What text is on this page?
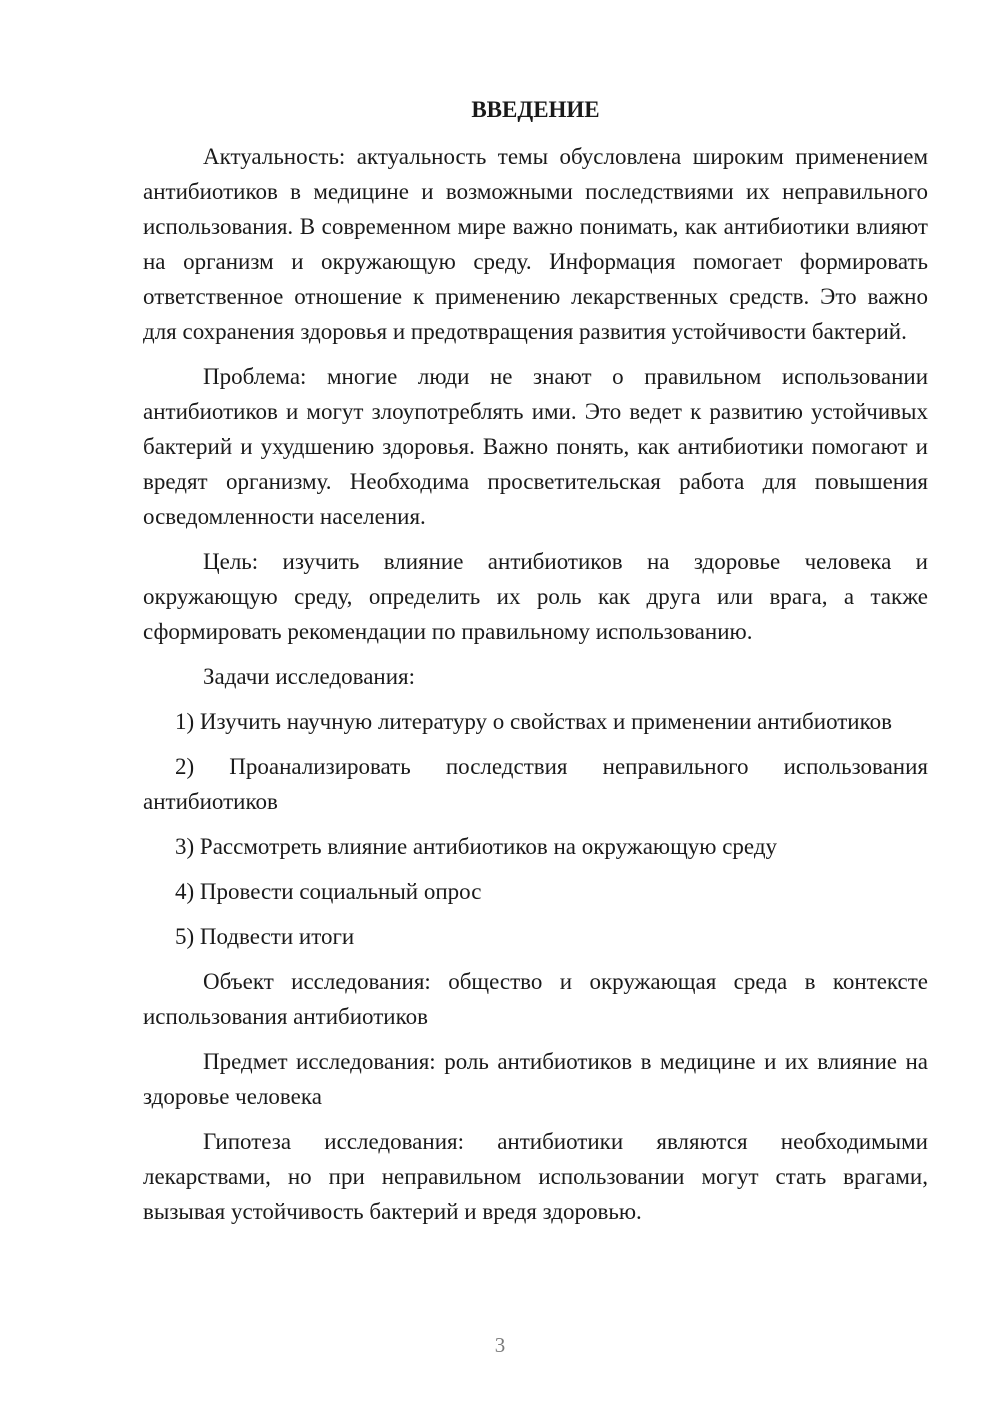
ВВЕДЕНИЕ

Актуальность: актуальность темы обусловлена широким применением антибиотиков в медицине и возможными последствиями их неправильного использования. В современном мире важно понимать, как антибиотики влияют на организм и окружающую среду. Информация помогает формировать ответственное отношение к применению лекарственных средств. Это важно для сохранения здоровья и предотвращения развития устойчивости бактерий.

Проблема: многие люди не знают о правильном использовании антибиотиков и могут злоупотреблять ими. Это ведет к развитию устойчивых бактерий и ухудшению здоровья. Важно понять, как антибиотики помогают и вредят организму. Необходима просветительская работа для повышения осведомленности населения.

Цель: изучить влияние антибиотиков на здоровье человека и окружающую среду, определить их роль как друга или врага, а также сформировать рекомендации по правильному использованию.

Задачи исследования:

1) Изучить научную литературу о свойствах и применении антибиотиков

2) Проанализировать последствия неправильного использования антибиотиков

3) Рассмотреть влияние антибиотиков на окружающую среду

4) Провести социальный опрос

5) Подвести итоги

Объект исследования: общество и окружающая среда в контексте использования антибиотиков

Предмет исследования: роль антибиотиков в медицине и их влияние на здоровье человека

Гипотеза исследования: антибиотики являются необходимыми лекарствами, но при неправильном использовании могут стать врагами, вызывая устойчивость бактерий и вредя здоровью.

3
